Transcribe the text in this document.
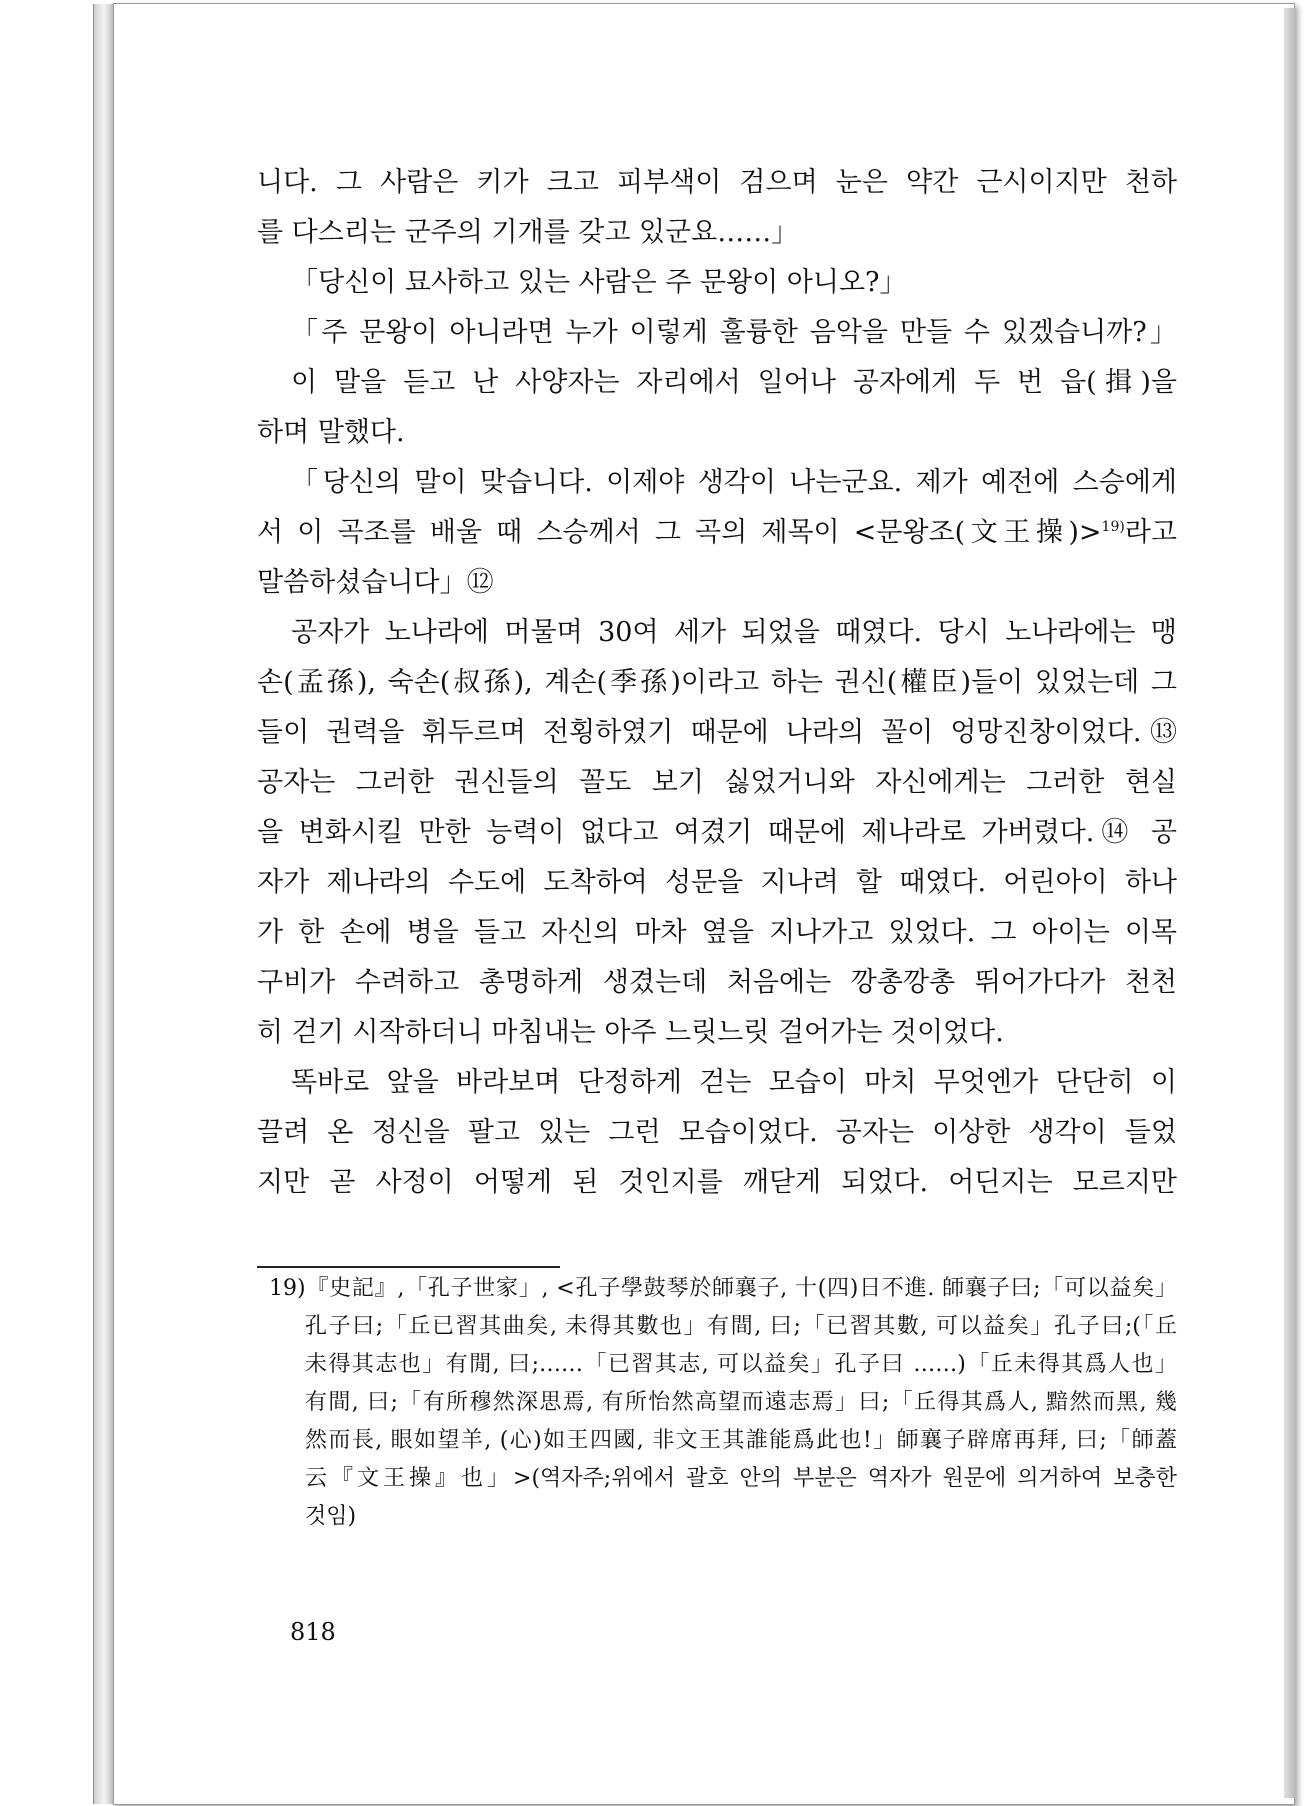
니다. 그 사람은 키가 크고 피부색이 검으며 눈은 약간 근시이지만 천하
를 다스리는 군주의 기개를 갖고 있군요……」
「당신이 묘사하고 있는 사람은 주 문왕이 아니오?」
「주 문왕이 아니라면 누가 이렇게 훌륭한 음악을 만들 수 있겠습니까?」
이 말을 듣고 난 사양자는 자리에서 일어나 공자에게 두 번 읍(揖)을
하며 말했다.
「당신의 말이 맞습니다. 이제야 생각이 나는군요. 제가 예전에 스승에게
서 이 곡조를 배울 때 스승께서 그 곡의 제목이 <문왕조(文王操)>$^{19)}$라고
말씀하셨습니다」⑫
공자가 노나라에 머물며 30여 세가 되었을 때였다. 당시 노나라에는 맹
손(孟孫), 숙손(叔孫), 계손(季孫)이라고 하는 권신(權臣)들이 있었는데 그
들이 권력을 휘두르며 전횡하였기 때문에 나라의 꼴이 엉망진창이었다.⑬
공자는 그러한 권신들의 꼴도 보기 싫었거니와 자신에게는 그러한 현실
을 변화시킬 만한 능력이 없다고 여겼기 때문에 제나라로 가버렸다.⑭ 공
자가 제나라의 수도에 도착하여 성문을 지나려 할 때였다. 어린아이 하나
가 한 손에 병을 들고 자신의 마차 옆을 지나가고 있었다. 그 아이는 이목
구비가 수려하고 총명하게 생겼는데 처음에는 깡총깡총 뛰어가다가 천천
히 걷기 시작하더니 마침내는 아주 느릿느릿 걸어가는 것이었다.
똑바로 앞을 바라보며 단정하게 걷는 모습이 마치 무엇엔가 단단히 이
끌려 온 정신을 팔고 있는 그런 모습이었다. 공자는 이상한 생각이 들었
지만 곧 사정이 어떻게 된 것인지를 깨닫게 되었다. 어딘지는 모르지만
19)『史記』,「孔子世家」, <孔子學鼓琴於師襄子, 十(四)日不進. 師襄子曰;「可以益矣」
孔子曰;「丘已習其曲矣, 未得其數也」有間, 曰;「已習其數, 可以益矣」孔子曰;(「丘
未得其志也」有閒, 曰;……「已習其志, 可以益矣」孔子曰 ……)「丘未得其爲人也」
有間, 曰;「有所穆然深思焉, 有所怡然高望而遠志焉」曰;「丘得其爲人, 黯然而黑, 幾
然而長, 眼如望羊, (心)如王四國, 非文王其誰能爲此也!」師襄子辟席再拜, 曰;「師蓋
云『文王操』也」>(역자주;위에서 괄호 안의 부분은 역자가 원문에 의거하여 보충한
것임)
818
